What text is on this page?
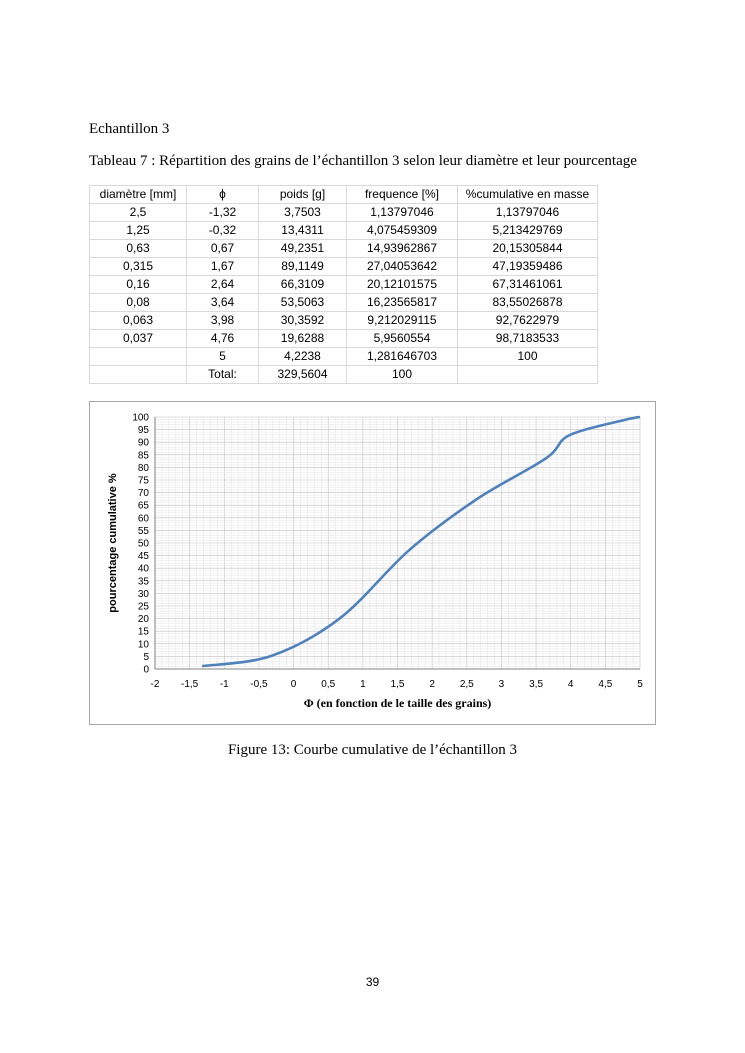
Echantillon 3
Tableau 7 : Répartition des grains de l’échantillon 3 selon leur diamètre et leur pourcentage
diamètre [mm]	ϕ	poids [g]	frequence [%]	%cumulative en masse
2,5	-1,32	3,7503	1,13797046	1,13797046
1,25	-0,32	13,4311	4,075459309	5,213429769
0,63	0,67	49,2351	14,93962867	20,15305844
0,315	1,67	89,1149	27,04053642	47,19359486
0,16	2,64	66,3109	20,12101575	67,31461061
0,08	3,64	53,5063	16,23565817	83,55026878
0,063	3,98	30,3592	9,212029115	92,7622979
0,037	4,76	19,6288	5,9560554	98,7183533
	5	4,2238	1,281646703	100
	Total:	329,5604	100	
0
5
10
15
20
25
30
35
40
45
50
55
60
65
70
75
80
85
90
95
100
-2 -1,5 -1 -0,5 0 0,5 1 1,5 2 2,5 3 3,5 4 4,5 5
pourcentage cumulative %
Φ (en fonction de le taille des grains)
Figure 13: Courbe cumulative de l’échantillon 3
39
